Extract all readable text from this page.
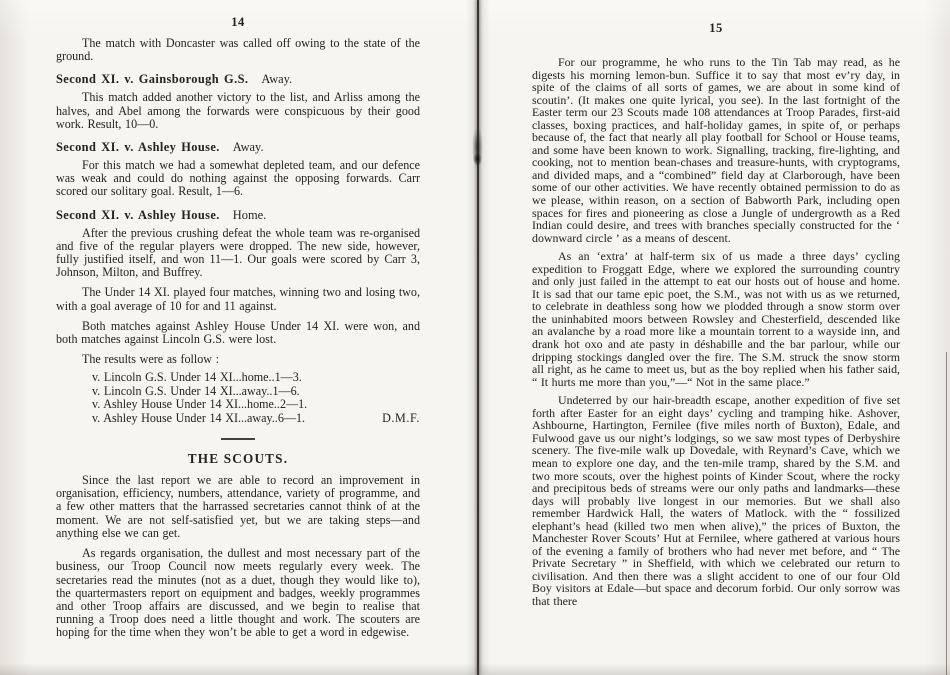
14

The match with Doncaster was called off owing to the state of the ground.

Second XI. v. Gainsborough G.S. Away.

This match added another victory to the list, and Arliss among the halves, and Abel among the forwards were conspicuous by their good work. Result, 10—0.

Second XI. v. Ashley House. Away.

For this match we had a somewhat depleted team, and our defence was weak and could do nothing against the opposing forwards. Carr scored our solitary goal. Result, 1—6.

Second XI. v. Ashley House. Home.

After the previous crushing defeat the whole team was re-organised and five of the regular players were dropped. The new side, however, fully justified itself, and won 11—1. Our goals were scored by Carr 3, Johnson, Milton, and Buffrey.

The Under 14 XI. played four matches, winning two and losing two, with a goal average of 10 for and 11 against.

Both matches against Ashley House Under 14 XI. were won, and both matches against Lincoln G.S. were lost.

The results were as follow :

v. Lincoln G.S. Under 14 XI...home..1—3.
v. Lincoln G.S. Under 14 XI...away..1—6.
v. Ashley House Under 14 XI...home..2—1.
v. Ashley House Under 14 XI...away..6—1.	D.M.F.
THE SCOUTS.

Since the last report we are able to record an improvement in organisation, efficiency, numbers, attendance, variety of programme, and a few other matters that the harrassed secretaries cannot think of at the moment. We are not self-satisfied yet, but we are taking steps—and anything else we can get.

As regards organisation, the dullest and most necessary part of the business, our Troop Council now meets regularly every week. The secretaries read the minutes (not as a duet, though they would like to), the quartermasters report on equipment and badges, weekly programmes and other Troop affairs are discussed, and we begin to realise that running a Troop does need a little thought and work. The scouters are hoping for the time when they won’t be able to get a word in edgewise.

15

For our programme, he who runs to the Tin Tab may read, as he digests his morning lemon-bun. Suffice it to say that most ev’ry day, in spite of the claims of all sorts of games, we are about in some kind of scoutin’. (It makes one quite lyrical, you see). In the last fortnight of the Easter term our 23 Scouts made 108 attendances at Troop Parades, first-aid classes, boxing practices, and half-holiday games, in spite of, or perhaps because of, the fact that nearly all play football for School or House teams, and some have been known to work. Signalling, tracking, fire-lighting, and cooking, not to mention bean-chases and treasure-hunts, with cryptograms, and divided maps, and a “combined” field day at Clarborough, have been some of our other activities. We have recently obtained permission to do as we please, within reason, on a section of Babworth Park, including open spaces for fires and pioneering as close a Jungle of undergrowth as a Red Indian could desire, and trees with branches specially constructed for the ‘ downward circle ’ as a means of descent.

As an ‘extra’ at half-term six of us made a three days’ cycling expedition to Froggatt Edge, where we explored the surrounding country and only just failed in the attempt to eat our hosts out of house and home. It is sad that our tame epic poet, the S.M., was not with us as we returned, to celebrate in deathless song how we plodded through a snow storm over the uninhabited moors between Rowsley and Chesterfield, descended like an avalanche by a road more like a mountain torrent to a wayside inn, and drank hot oxo and ate pasty in déshabille and the bar parlour, while our dripping stockings dangled over the fire. The S.M. struck the snow storm all right, as he came to meet us, but as the boy replied when his father said, “ It hurts me more than you,”—“ Not in the same place.”

Undeterred by our hair-breadth escape, another expedition of five set forth after Easter for an eight days’ cycling and tramping hike. Ashover, Ashbourne, Hartington, Fernilee (five miles north of Buxton), Edale, and Fulwood gave us our night’s lodgings, so we saw most types of Derbyshire scenery. The five-mile walk up Dovedale, with Reynard’s Cave, which we mean to explore one day, and the ten-mile tramp, shared by the S.M. and two more scouts, over the highest points of Kinder Scout, where the rocky and precipitous beds of streams were our only paths and landmarks—these days will probably live longest in our memories. But we shall also remember Hardwick Hall, the waters of Matlock. with the “ fossilized elephant’s head (killed two men when alive),” the prices of Buxton, the Manchester Rover Scouts’ Hut at Fernilee, where gathered at various hours of the evening a family of brothers who had never met before, and “ The Private Secretary ” in Sheffield, with which we celebrated our return to civilisation. And then there was a slight accident to one of our four Old Boy visitors at Edale—but space and decorum forbid. Our only sorrow was that there
